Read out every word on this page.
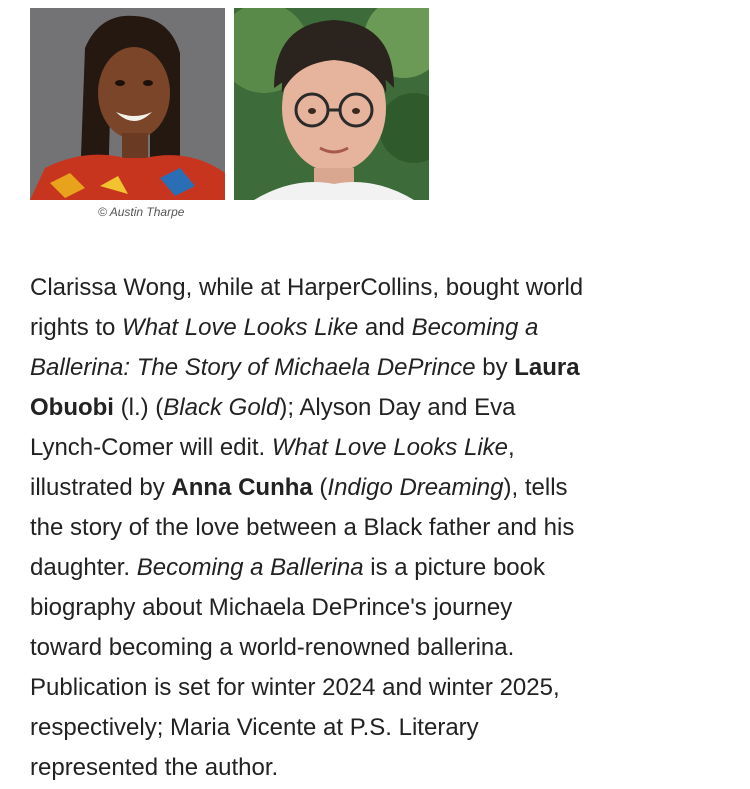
© Austin Tharpe
Clarissa Wong, while at HarperCollins, bought world
rights to What Love Looks Like and Becoming a
Ballerina: The Story of Michaela DePrince by Laura
Obuobi (l.) (Black Gold); Alyson Day and Eva
Lynch-Comer will edit. What Love Looks Like,
illustrated by Anna Cunha (Indigo Dreaming), tells
the story of the love between a Black father and his
daughter. Becoming a Ballerina is a picture book
biography about Michaela DePrince's journey
toward becoming a world-renowned ballerina.
Publication is set for winter 2024 and winter 2025,
respectively; Maria Vicente at P.S. Literary
represented the author.
